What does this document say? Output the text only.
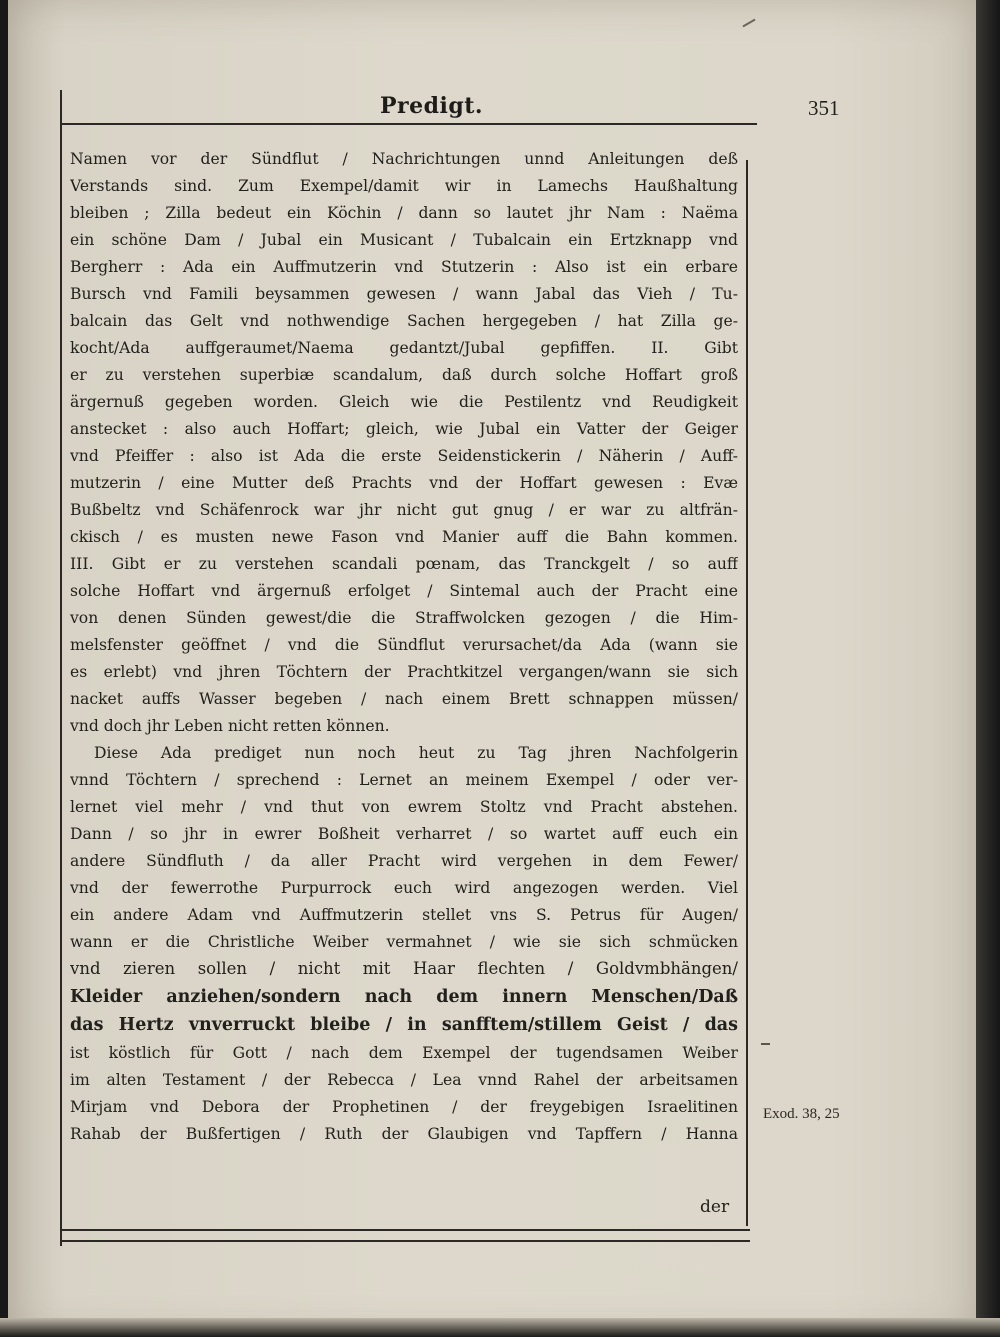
Predigt.	351
Namen vor der Sündflut / Nachrichtungen unnd Anleitungen deß
Verstands sind. Zum Exempel/damit wir in Lamechs Haußhaltung
bleiben ; Zilla bedeut ein Köchin / dann so lautet jhr Nam : Naëma
ein schöne Dam / Jubal ein Musicant / Tubalcain ein Ertzknapp vnd
Bergherr : Ada ein Auffmutzerin vnd Stutzerin : Also ist ein erbare
Bursch vnd Famili beysammen gewesen / wann Jabal das Vieh / Tu-
balcain das Gelt vnd nothwendige Sachen hergegeben / hat Zilla ge-
kocht/Ada auffgeraumet/Naema gedantzt/Jubal gepfiffen. II. Gibt
er zu verstehen superbiæ scandalum, daß durch solche Hoffart groß
ärgernuß gegeben worden. Gleich wie die Pestilentz vnd Reudigkeit
anstecket : also auch Hoffart; gleich, wie Jubal ein Vatter der Geiger
vnd Pfeiffer : also ist Ada die erste Seidenstickerin / Näherin / Auff-
mutzerin / eine Mutter deß Prachts vnd der Hoffart gewesen : Evæ
Bußbeltz vnd Schäfenrock war jhr nicht gut gnug / er war zu altfrän-
ckisch / es musten newe Fason vnd Manier auff die Bahn kommen.
III. Gibt er zu verstehen scandali pœnam, das Tranckgelt / so auff
solche Hoffart vnd ärgernuß erfolget / Sintemal auch der Pracht eine
von denen Sünden gewest/die die Straffwolcken gezogen / die Him-
melsfenster geöffnet / vnd die Sündflut verursachet/da Ada (wann sie
es erlebt) vnd jhren Töchtern der Prachtkitzel vergangen/wann sie sich
nacket auffs Wasser begeben / nach einem Brett schnappen müssen/
vnd doch jhr Leben nicht retten können.
Diese Ada prediget nun noch heut zu Tag jhren Nachfolgerin
vnnd Töchtern / sprechend : Lernet an meinem Exempel / oder ver-
lernet viel mehr / vnd thut von ewrem Stoltz vnd Pracht abstehen.
Dann / so jhr in ewrer Boßheit verharret / so wartet auff euch ein
andere Sündfluth / da aller Pracht wird vergehen in dem Fewer/
vnd der fewerrothe Purpurrock euch wird angezogen werden. Viel
ein andere Adam vnd Auffmutzerin stellet vns S. Petrus für Augen/
wann er die Christliche Weiber vermahnet / wie sie sich schmücken
vnd zieren sollen / nicht mit Haar flechten / Goldvmbhängen/
Kleider anziehen/sondern nach dem innern Menschen/Daß
das Hertz vnverruckt bleibe / in sanfftem/stillem Geist / das
ist köstlich für Gott / nach dem Exempel der tugendsamen Weiber
im alten Testament / der Rebecca / Lea vnnd Rahel der arbeitsamen
Mirjam vnd Debora der Prophetinen / der freygebigen Israelitinen
Rahab der Bußfertigen / Ruth der Glaubigen vnd Tapffern / Hanna
Exod. 38, 25
der
